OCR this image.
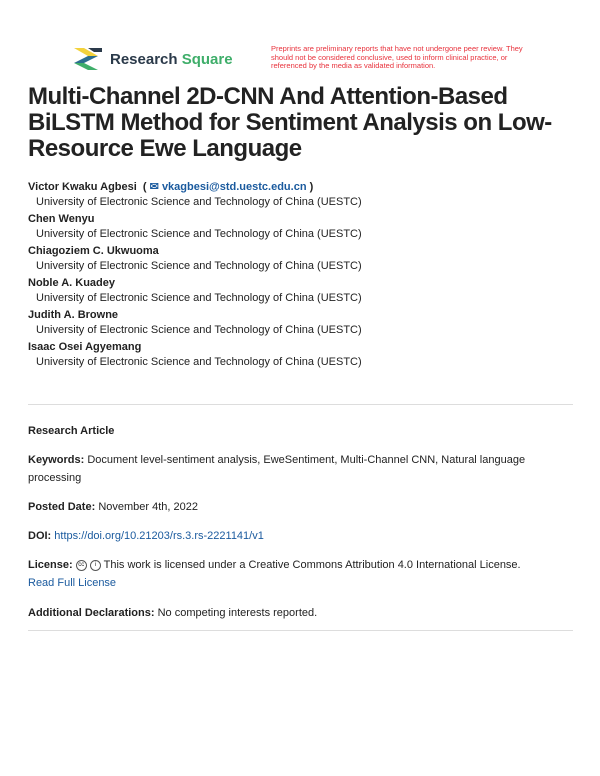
Research Square
Preprints are preliminary reports that have not undergone peer review. They should not be considered conclusive, used to inform clinical practice, or referenced by the media as validated information.
Multi-Channel 2D-CNN And Attention-Based BiLSTM Method for Sentiment Analysis on Low-Resource Ewe Language
Victor Kwaku Agbesi  ( ✉ vkagbesi@std.uestc.edu.cn )
University of Electronic Science and Technology of China (UESTC)
Chen Wenyu
University of Electronic Science and Technology of China (UESTC)
Chiagoziem C. Ukwuoma
University of Electronic Science and Technology of China (UESTC)
Noble A. Kuadey
University of Electronic Science and Technology of China (UESTC)
Judith A. Browne
University of Electronic Science and Technology of China (UESTC)
Isaac Osei Agyemang
University of Electronic Science and Technology of China (UESTC)
Research Article
Keywords: Document level-sentiment analysis, EweSentiment, Multi-Channel CNN, Natural language processing
Posted Date: November 4th, 2022
DOI: https://doi.org/10.21203/rs.3.rs-2221141/v1
License: cc i This work is licensed under a Creative Commons Attribution 4.0 International License.
Read Full License
Additional Declarations: No competing interests reported.
